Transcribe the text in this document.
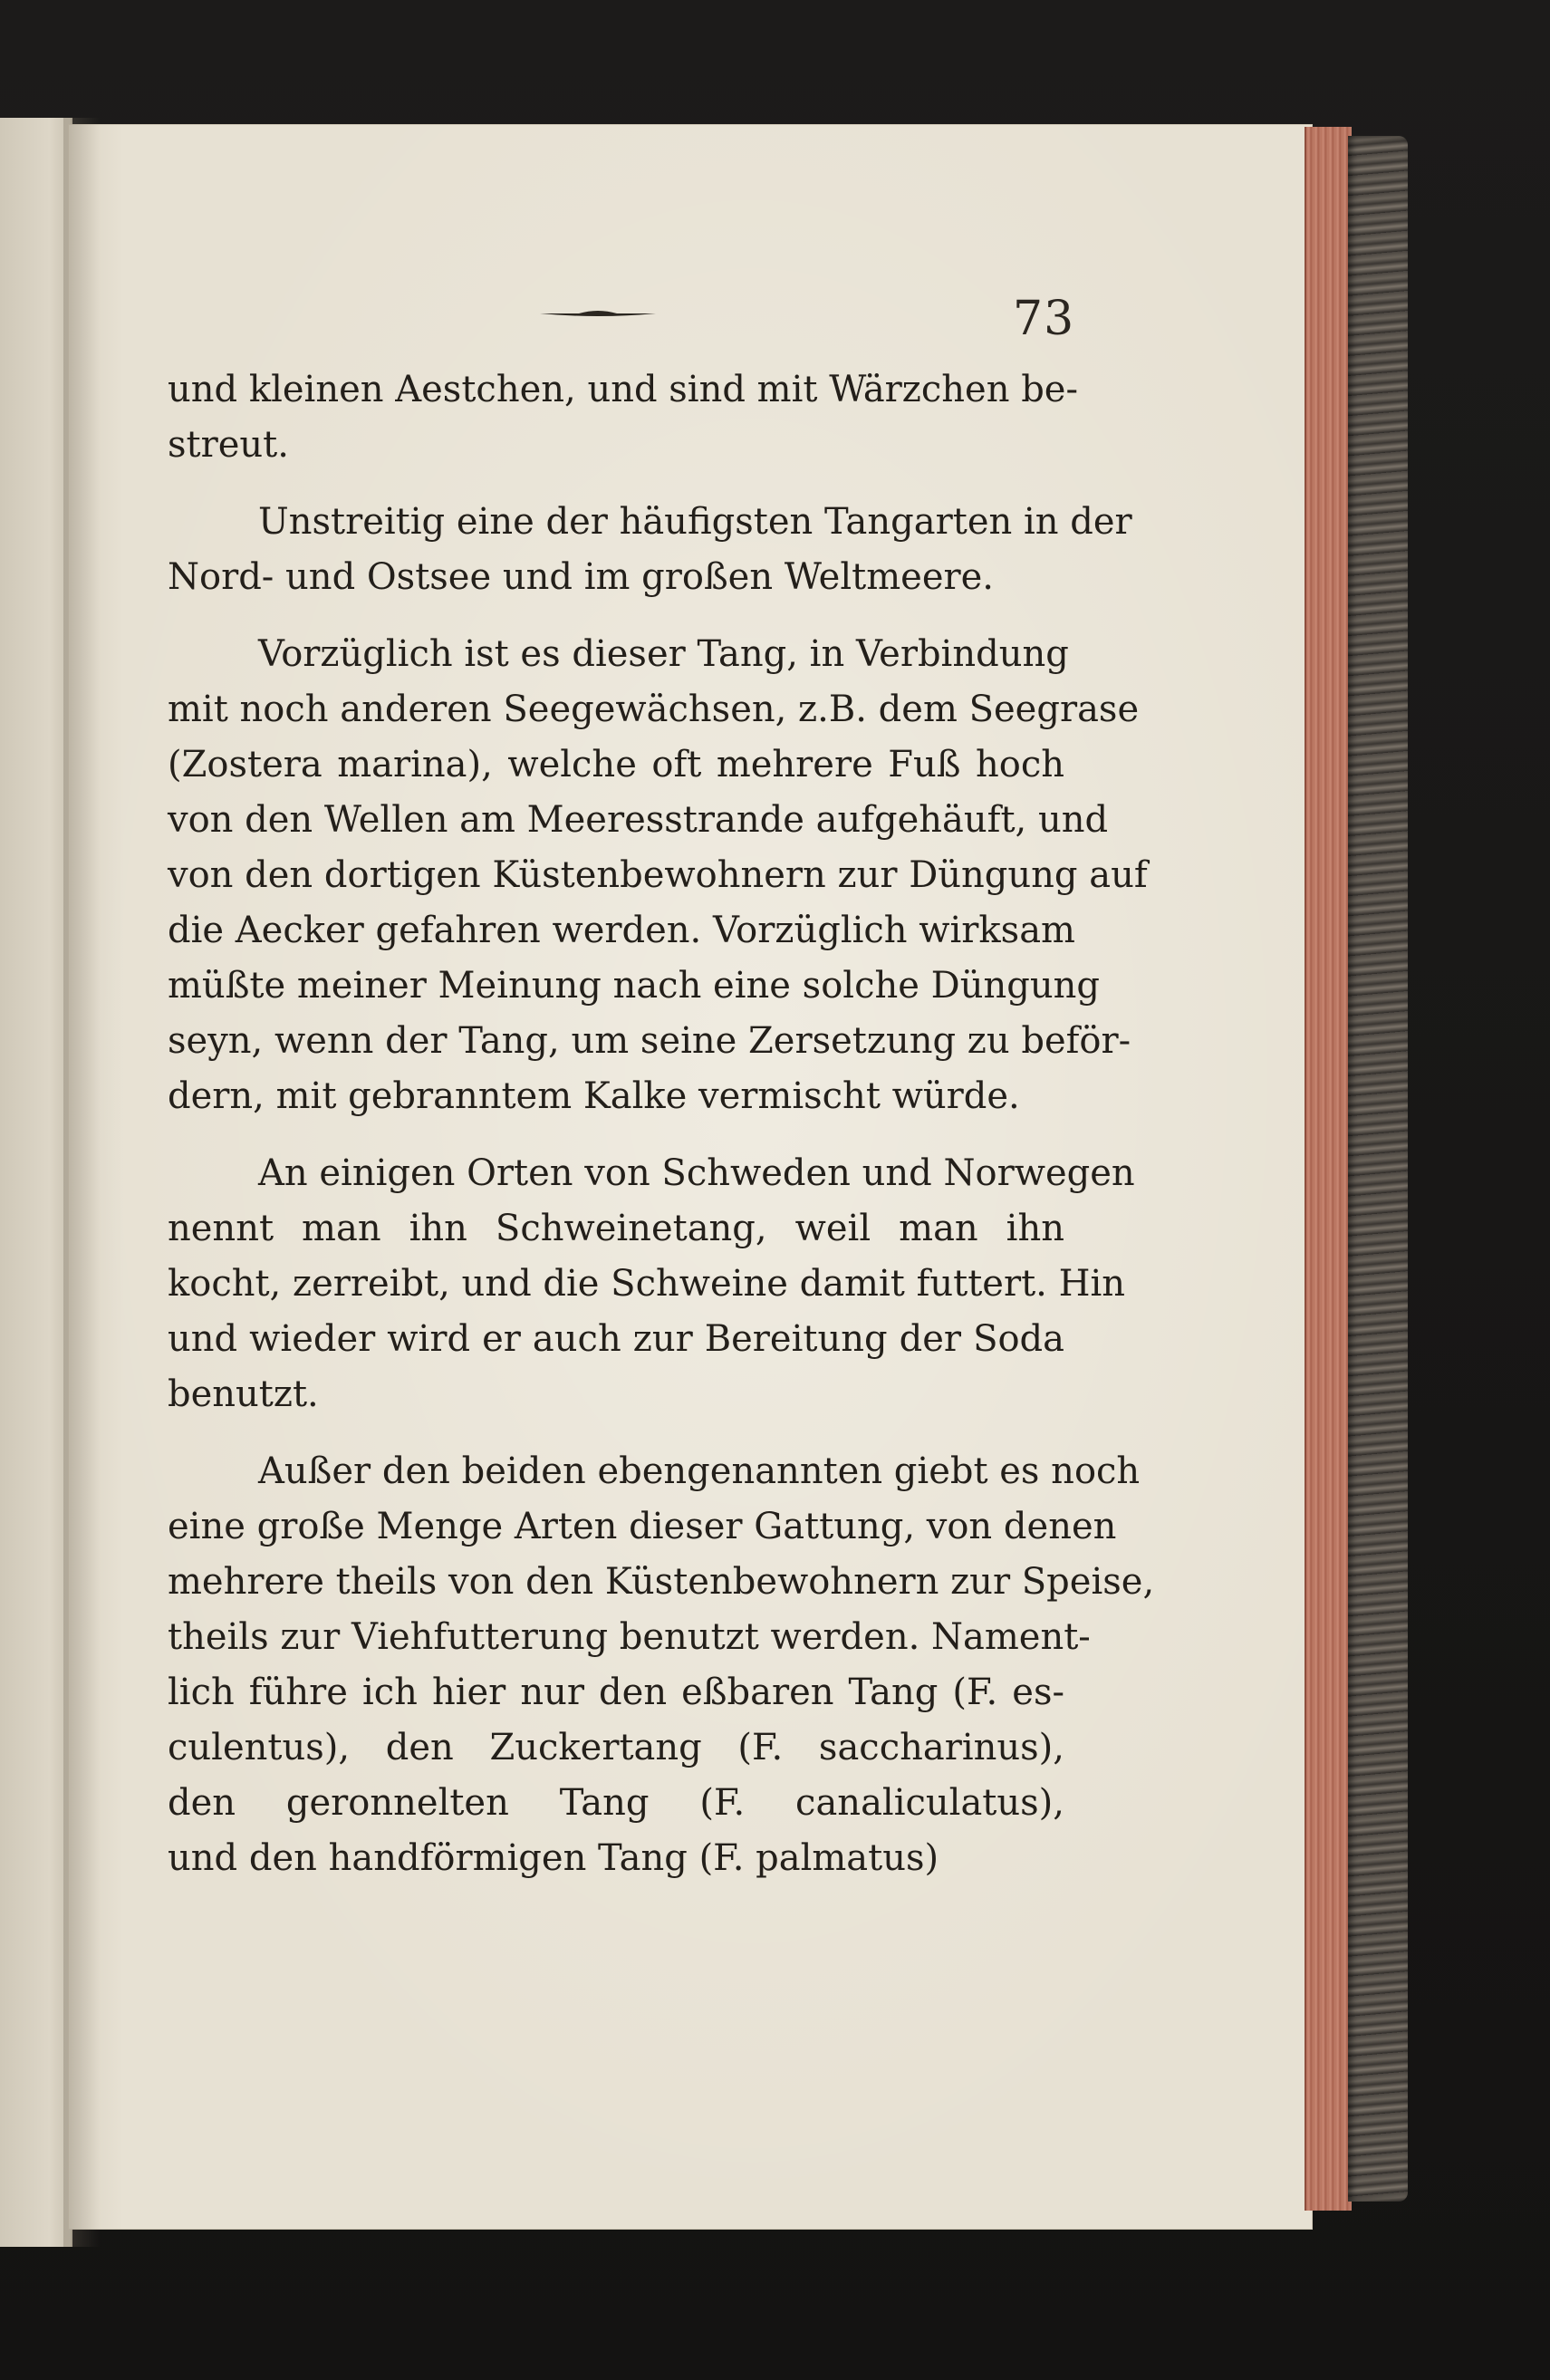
73
und kleinen Aestchen, und sind mit Wärzchen be-
streut.
Unstreitig eine der häufigsten Tangarten in der
Nord- und Ostsee und im großen Weltmeere.
Vorzüglich ist es dieser Tang, in Verbindung
mit noch anderen Seegewächsen, z.B. dem Seegrase
(Zostera marina), welche oft mehrere Fuß hoch
von den Wellen am Meeresstrande aufgehäuft, und
von den dortigen Küstenbewohnern zur Düngung auf
die Aecker gefahren werden. Vorzüglich wirksam
müßte meiner Meinung nach eine solche Düngung
seyn, wenn der Tang, um seine Zersetzung zu beför-
dern, mit gebranntem Kalke vermischt würde.
An einigen Orten von Schweden und Norwegen
nennt man ihn Schweinetang, weil man ihn
kocht, zerreibt, und die Schweine damit futtert. Hin
und wieder wird er auch zur Bereitung der Soda
benutzt.
Außer den beiden ebengenannten giebt es noch
eine große Menge Arten dieser Gattung, von denen
mehrere theils von den Küstenbewohnern zur Speise,
theils zur Viehfutterung benutzt werden. Nament-
lich führe ich hier nur den eßbaren Tang (F. es-
culentus), den Zuckertang (F. saccharinus),
den geronnelten Tang (F. canaliculatus),
und den handförmigen Tang (F. palmatus)
